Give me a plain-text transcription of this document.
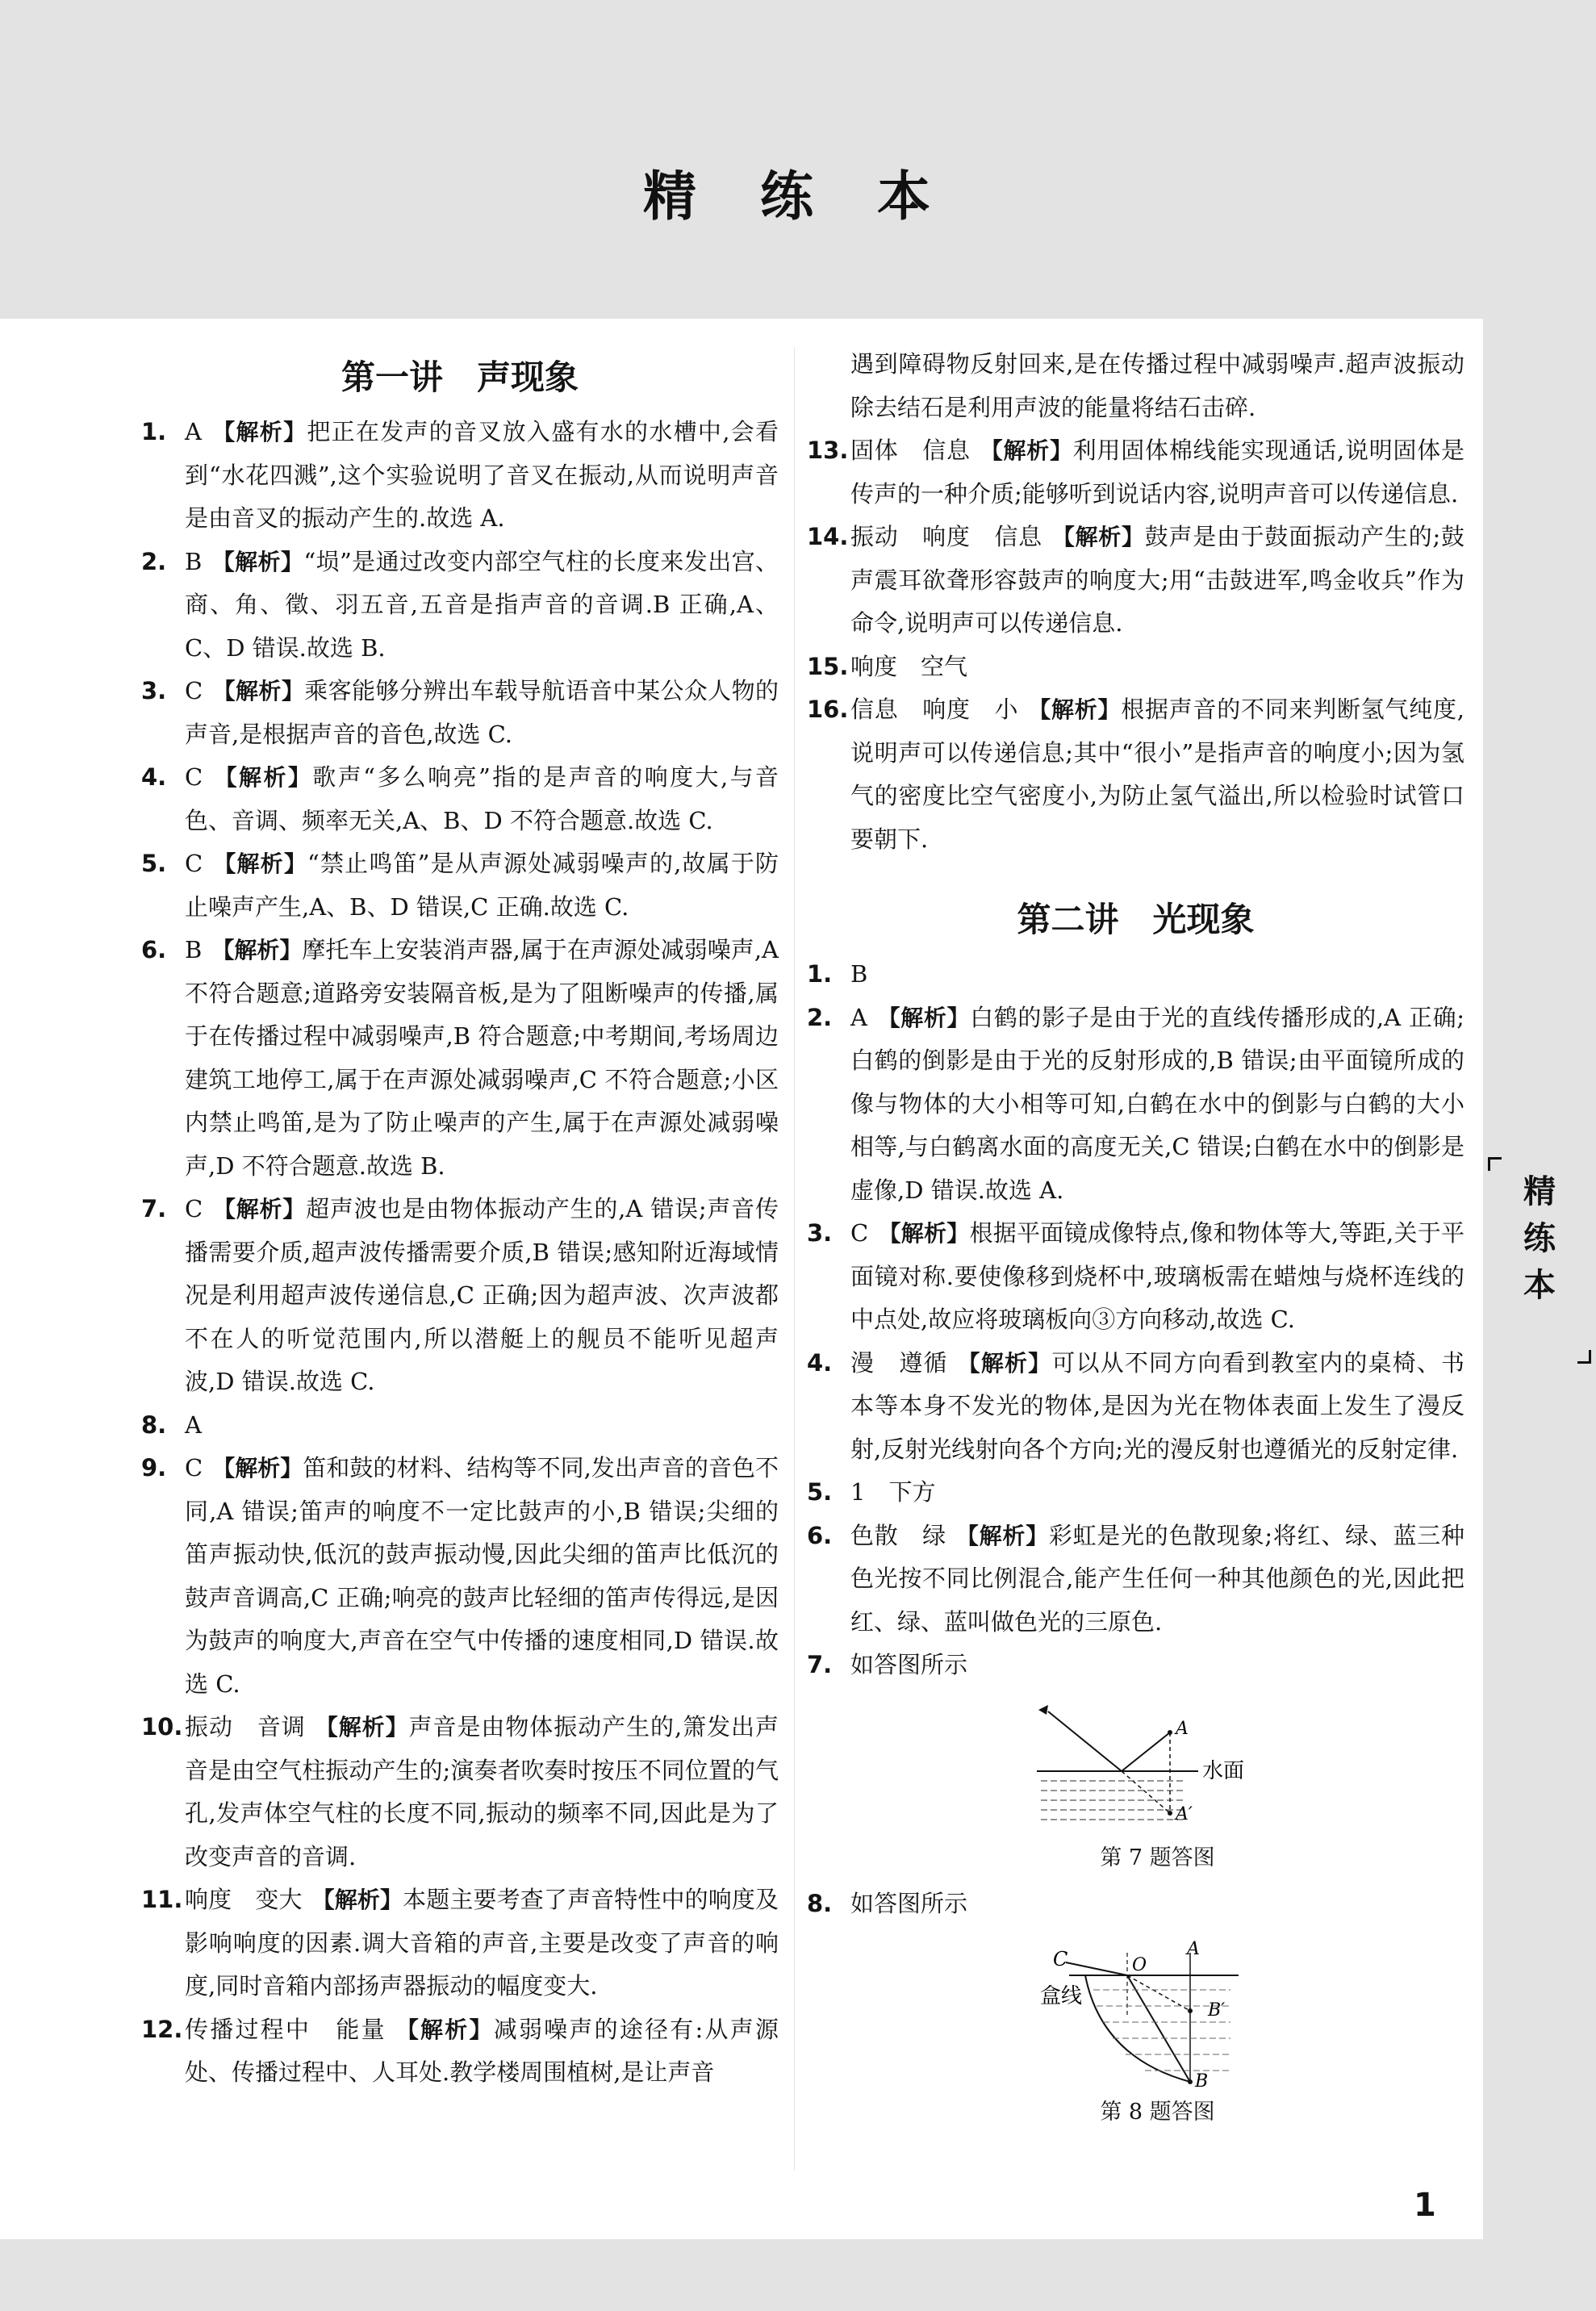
精 练 本
第一讲　声现象
1. A 【解析】把正在发声的音叉放入盛有水的水槽中,会看到“水花四溅”,这个实验说明了音叉在振动,从而说明声音是由音叉的振动产生的.故选 A.
2. B 【解析】“埙”是通过改变内部空气柱的长度来发出宫、商、角、徵、羽五音,五音是指声音的音调.B 正确,A、C、D 错误.故选 B.
3. C 【解析】乘客能够分辨出车载导航语音中某公众人物的声音,是根据声音的音色,故选 C.
4. C 【解析】歌声“多么响亮”指的是声音的响度大,与音色、音调、频率无关,A、B、D 不符合题意.故选 C.
5. C 【解析】“禁止鸣笛”是从声源处减弱噪声的,故属于防止噪声产生,A、B、D 错误,C 正确.故选 C.
6. B 【解析】摩托车上安装消声器,属于在声源处减弱噪声,A 不符合题意;道路旁安装隔音板,是为了阻断噪声的传播,属于在传播过程中减弱噪声,B 符合题意;中考期间,考场周边建筑工地停工,属于在声源处减弱噪声,C 不符合题意;小区内禁止鸣笛,是为了防止噪声的产生,属于在声源处减弱噪声,D 不符合题意.故选 B.
7. C 【解析】超声波也是由物体振动产生的,A 错误;声音传播需要介质,超声波传播需要介质,B 错误;感知附近海域情况是利用超声波传递信息,C 正确;因为超声波、次声波都不在人的听觉范围内,所以潜艇上的舰员不能听见超声波,D 错误.故选 C.
8. A
9. C 【解析】笛和鼓的材料、结构等不同,发出声音的音色不同,A 错误;笛声的响度不一定比鼓声的小,B 错误;尖细的笛声振动快,低沉的鼓声振动慢,因此尖细的笛声比低沉的鼓声音调高,C 正确;响亮的鼓声比轻细的笛声传得远,是因为鼓声的响度大,声音在空气中传播的速度相同,D 错误.故选 C.
10. 振动　音调 【解析】声音是由物体振动产生的,箫发出声音是由空气柱振动产生的;演奏者吹奏时按压不同位置的气孔,发声体空气柱的长度不同,振动的频率不同,因此是为了改变声音的音调.
11. 响度　变大 【解析】本题主要考查了声音特性中的响度及影响响度的因素.调大音箱的声音,主要是改变了声音的响度,同时音箱内部扬声器振动的幅度变大.
12. 传播过程中　能量 【解析】减弱噪声的途径有:从声源处、传播过程中、人耳处.教学楼周围植树,是让声音
遇到障碍物反射回来,是在传播过程中减弱噪声.超声波振动除去结石是利用声波的能量将结石击碎.
13. 固体　信息 【解析】利用固体棉线能实现通话,说明固体是传声的一种介质;能够听到说话内容,说明声音可以传递信息.
14. 振动　响度　信息 【解析】鼓声是由于鼓面振动产生的;鼓声震耳欲聋形容鼓声的响度大;用“击鼓进军,鸣金收兵”作为命令,说明声可以传递信息.
15. 响度　空气
16. 信息　响度　小 【解析】根据声音的不同来判断氢气纯度,说明声可以传递信息;其中“很小”是指声音的响度小;因为氢气的密度比空气密度小,为防止氢气溢出,所以检验时试管口要朝下.
第二讲　光现象
1. B
2. A 【解析】白鹤的影子是由于光的直线传播形成的,A 正确;白鹤的倒影是由于光的反射形成的,B 错误;由平面镜所成的像与物体的大小相等可知,白鹤在水中的倒影与白鹤的大小相等,与白鹤离水面的高度无关,C 错误;白鹤在水中的倒影是虚像,D 错误.故选 A.
3. C 【解析】根据平面镜成像特点,像和物体等大,等距,关于平面镜对称.要使像移到烧杯中,玻璃板需在蜡烛与烧杯连线的中点处,故应将玻璃板向③方向移动,故选 C.
4. 漫　遵循 【解析】可以从不同方向看到教室内的桌椅、书本等本身不发光的物体,是因为光在物体表面上发生了漫反射,反射光线射向各个方向;光的漫反射也遵循光的反射定律.
5. 1　下方
6. 色散　绿 【解析】彩虹是光的色散现象;将红、绿、蓝三种色光按不同比例混合,能产生任何一种其他颜色的光,因此把红、绿、蓝叫做色光的三原色.
7. 如答图所示
A
A′
水面
第 7 题答图
8. 如答图所示
C	O
A
B′
B
盒线
第 8 题答图
精练本
1
